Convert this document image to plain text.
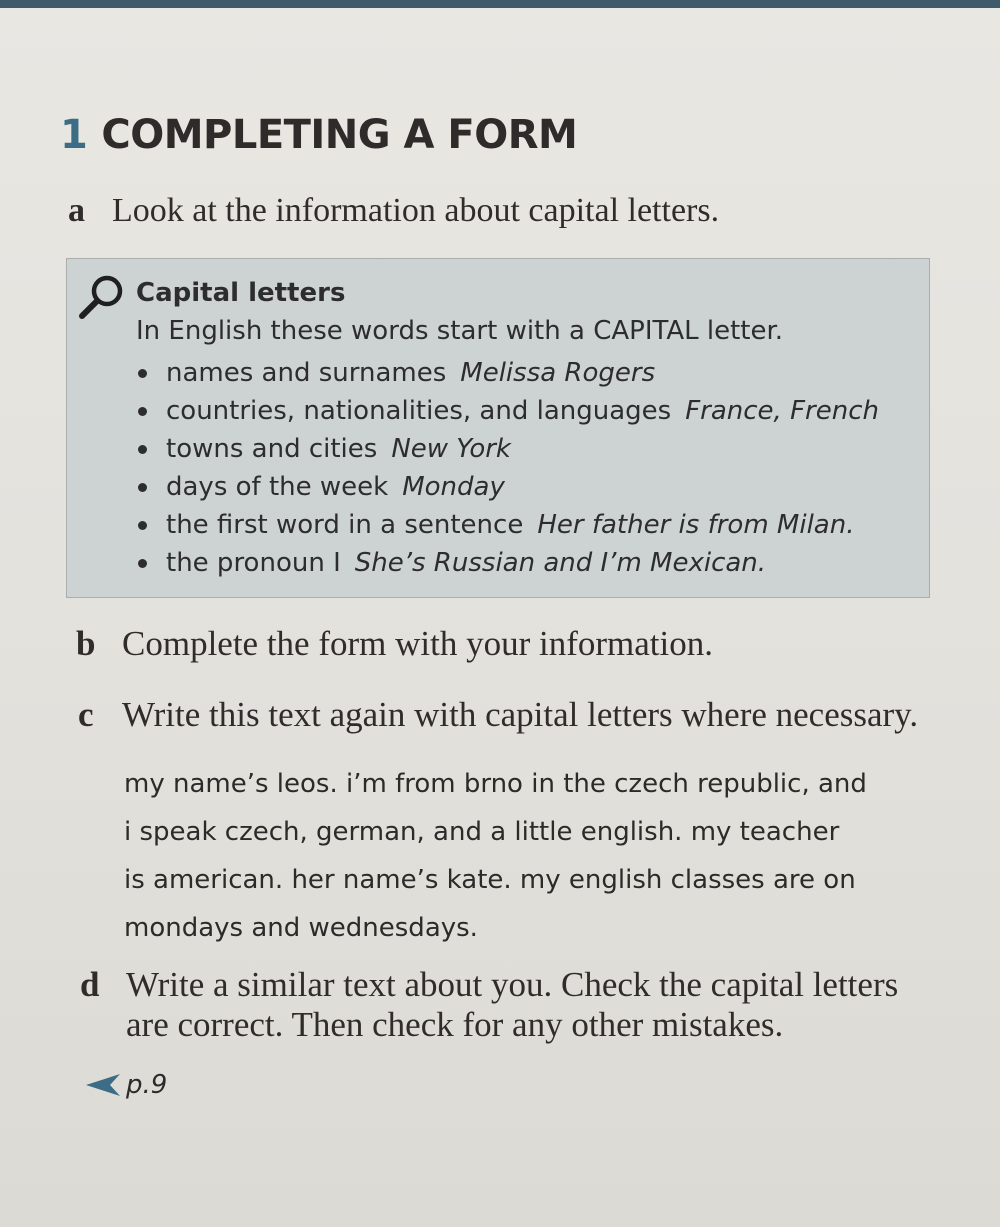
1 COMPLETING A FORM
a Look at the information about capital letters.
Capital letters
In English these words start with a CAPITAL letter.
names and surnames Melissa Rogers
countries, nationalities, and languages France, French
towns and cities New York
days of the week Monday
the first word in a sentence Her father is from Milan.
the pronoun I She’s Russian and I’m Mexican.
b Complete the form with your information.
c Write this text again with capital letters where necessary.
my name’s leos. i’m from brno in the czech republic, and
i speak czech, german, and a little english. my teacher
is american. her name’s kate. my english classes are on
mondays and wednesdays.
d Write a similar text about you. Check the capital letters
are correct. Then check for any other mistakes.
p.9
